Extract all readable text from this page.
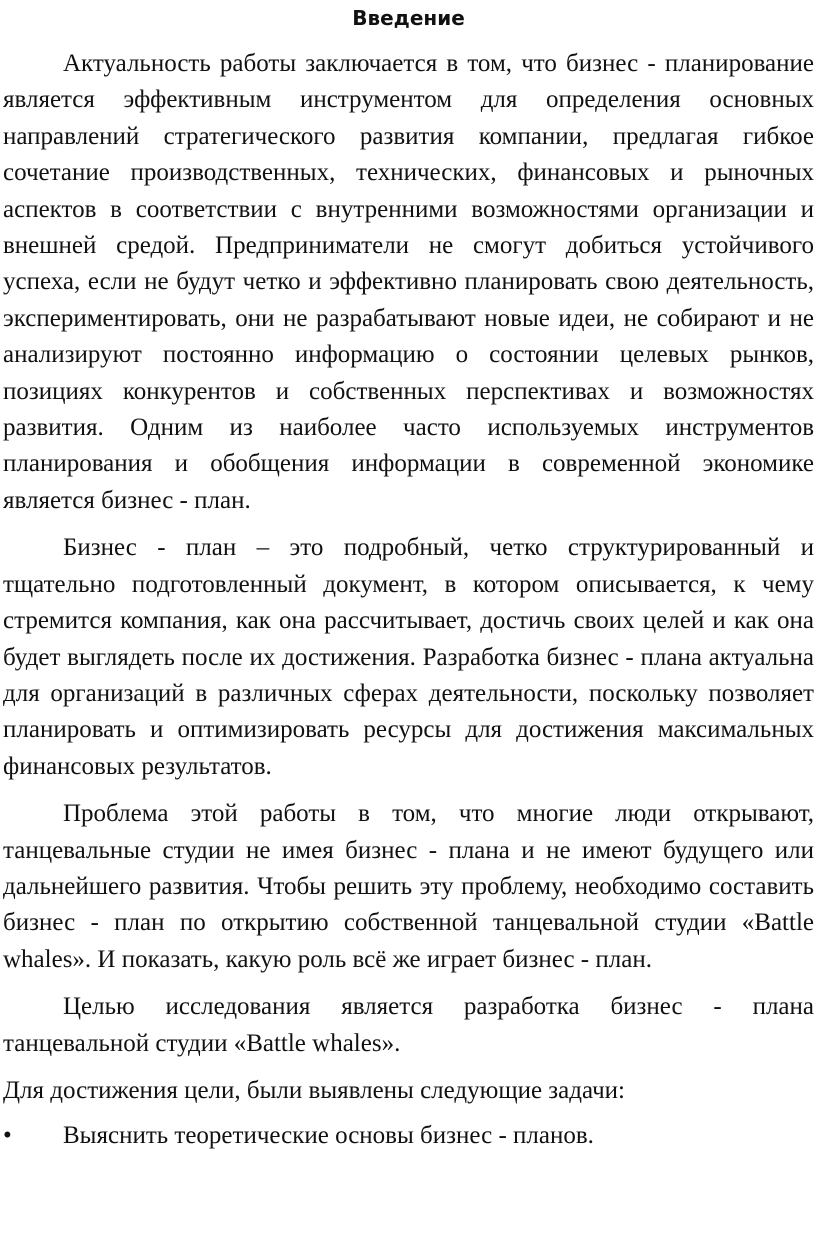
Введение

Актуальность работы заключается в том, что бизнес - планирование является эффективным инструментом для определения основных направлений стратегического развития компании, предлагая гибкое сочетание производственных, технических, финансовых и рыночных аспектов в соответствии с внутренними возможностями организации и внешней средой. Предприниматели не смогут добиться устойчивого успеха, если не будут четко и эффективно планировать свою деятельность, экспериментировать, они не разрабатывают новые идеи, не собирают и не анализируют постоянно информацию о состоянии целевых рынков, позициях конкурентов и собственных перспективах и возможностях развития. Одним из наиболее часто используемых инструментов планирования и обобщения информации в современной экономике является бизнес - план.

Бизнес - план – это подробный, четко структурированный и тщательно подготовленный документ, в котором описывается, к чему стремится компания, как она рассчитывает, достичь своих целей и как она будет выглядеть после их достижения. Разработка бизнес - плана актуальна для организаций в различных сферах деятельности, поскольку позволяет планировать и оптимизировать ресурсы для достижения максимальных финансовых результатов.

Проблема этой работы в том, что многие люди открывают, танцевальные студии не имея бизнес - плана и не имеют будущего или дальнейшего развития. Чтобы решить эту проблему, необходимо составить бизнес - план по открытию собственной танцевальной студии «Battle whales». И показать, какую роль всё же играет бизнес - план.

Целью исследования является разработка бизнес - плана танцевальной студии «Battle whales».

Для достижения цели, были выявлены следующие задачи:

•	Выяснить теоретические основы бизнес - планов.
